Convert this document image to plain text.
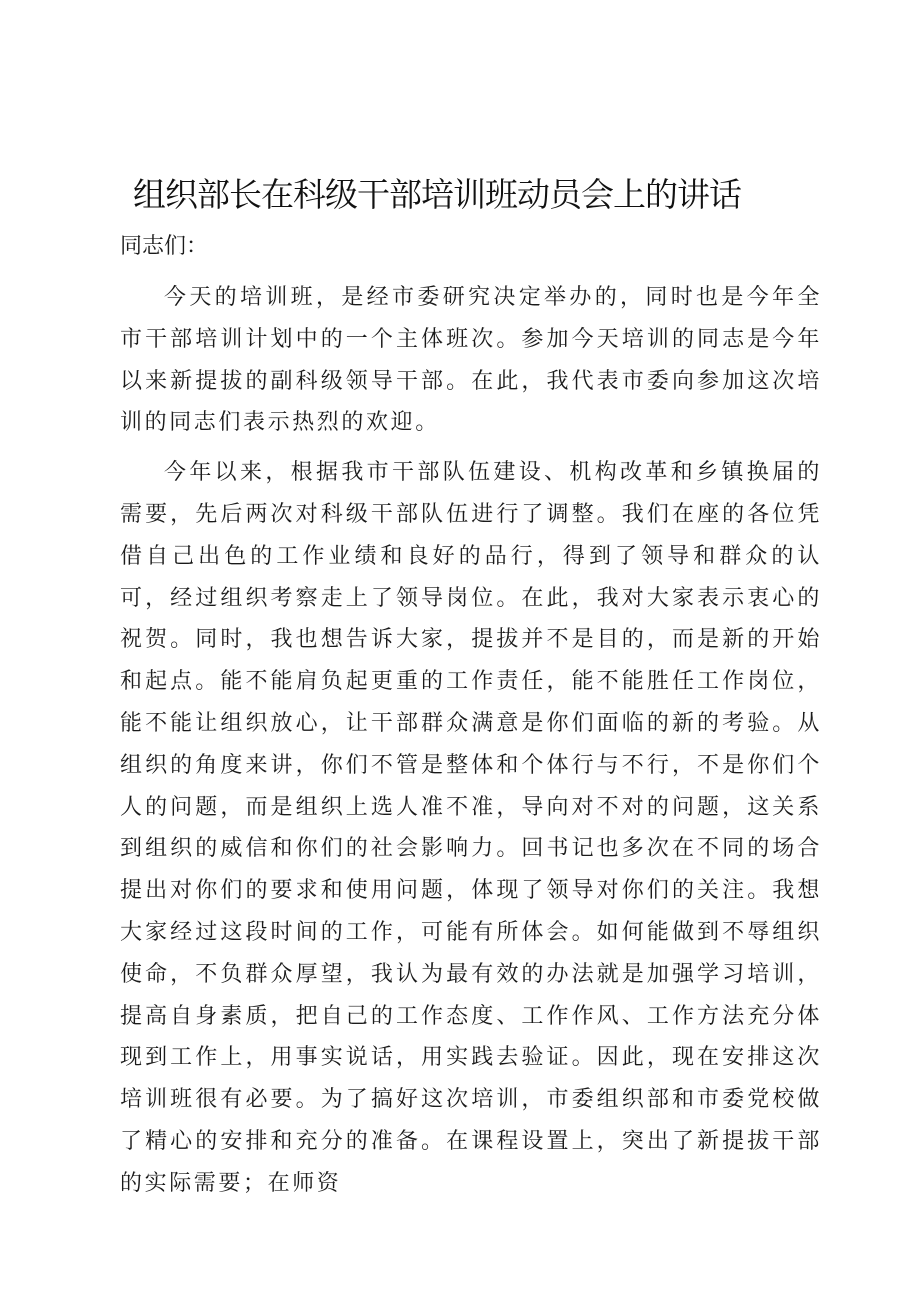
组织部长在科级干部培训班动员会上的讲话

同志们：

今天的培训班，是经市委研究决定举办的，同时也是今年全市干部培训计划中的一个主体班次。参加今天培训的同志是今年以来新提拔的副科级领导干部。在此，我代表市委向参加这次培训的同志们表示热烈的欢迎。

今年以来，根据我市干部队伍建设、机构改革和乡镇换届的需要，先后两次对科级干部队伍进行了调整。我们在座的各位凭借自己出色的工作业绩和良好的品行，得到了领导和群众的认可，经过组织考察走上了领导岗位。在此，我对大家表示衷心的祝贺。同时，我也想告诉大家，提拔并不是目的，而是新的开始和起点。能不能肩负起更重的工作责任，能不能胜任工作岗位，能不能让组织放心，让干部群众满意是你们面临的新的考验。从组织的角度来讲，你们不管是整体和个体行与不行，不是你们个人的问题，而是组织上选人准不准，导向对不对的问题，这关系到组织的威信和你们的社会影响力。回书记也多次在不同的场合提出对你们的要求和使用问题，体现了领导对你们的关注。我想大家经过这段时间的工作，可能有所体会。如何能做到不辱组织使命，不负群众厚望，我认为最有效的办法就是加强学习培训，提高自身素质，把自己的工作态度、工作作风、工作方法充分体现到工作上，用事实说话，用实践去验证。因此，现在安排这次培训班很有必要。为了搞好这次培训，市委组织部和市委党校做了精心的安排和充分的准备。在课程设置上，突出了新提拔干部的实际需要；在师资
